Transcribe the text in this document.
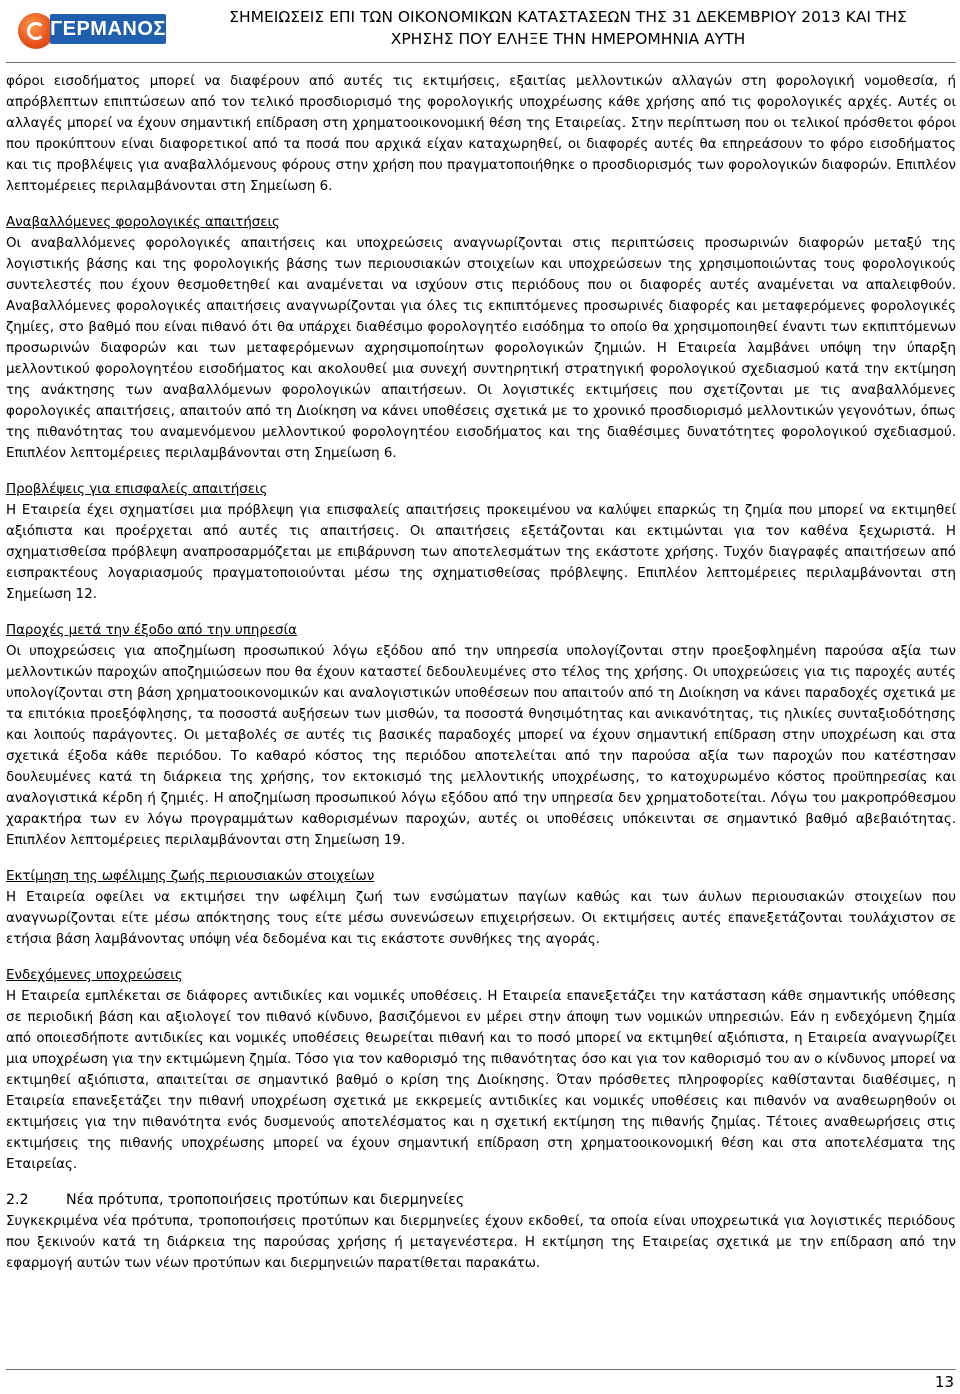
ΓΕΡΜΑΝΟΣ
ΣΗΜΕΙΩΣΕΙΣ ΕΠΙ ΤΩΝ ΟΙΚΟΝΟΜΙΚΩΝ ΚΑΤΑΣΤΑΣΕΩΝ ΤΗΣ 31 ΔΕΚΕΜΒΡΙΟΥ 2013 ΚΑΙ ΤΗΣ
ΧΡΗΣΗΣ ΠΟΥ ΕΛΗΞΕ ΤΗΝ ΗΜΕΡΟΜΗΝΙΑ ΑΥΤΗ

φόροι εισοδήματος μπορεί να διαφέρουν από αυτές τις εκτιμήσεις, εξαιτίας μελλοντικών αλλαγών στη φορολογική νομοθεσία, ή απρόβλεπτων επιπτώσεων από τον τελικό προσδιορισμό της φορολογικής υποχρέωσης κάθε χρήσης από τις φορολογικές αρχές. Αυτές οι αλλαγές μπορεί να έχουν σημαντική επίδραση στη χρηματοοικονομική θέση της Εταιρείας. Στην περίπτωση που οι τελικοί πρόσθετοι φόροι που προκύπτουν είναι διαφορετικοί από τα ποσά που αρχικά είχαν καταχωρηθεί, οι διαφορές αυτές θα επηρεάσουν το φόρο εισοδήματος και τις προβλέψεις για αναβαλλόμενους φόρους στην χρήση που πραγματοποιήθηκε ο προσδιορισμός των φορολογικών διαφορών. Επιπλέον λεπτομέρειες περιλαμβάνονται στη Σημείωση 6.

Αναβαλλόμενες φορολογικές απαιτήσεις
Οι αναβαλλόμενες φορολογικές απαιτήσεις και υποχρεώσεις αναγνωρίζονται στις περιπτώσεις προσωρινών διαφορών μεταξύ της λογιστικής βάσης και της φορολογικής βάσης των περιουσιακών στοιχείων και υποχρεώσεων της χρησιμοποιώντας τους φορολογικούς συντελεστές που έχουν θεσμοθετηθεί και αναμένεται να ισχύουν στις περιόδους που οι διαφορές αυτές αναμένεται να απαλειφθούν. Αναβαλλόμενες φορολογικές απαιτήσεις αναγνωρίζονται για όλες τις εκπιπτόμενες προσωρινές διαφορές και μεταφερόμενες φορολογικές ζημίες, στο βαθμό που είναι πιθανό ότι θα υπάρχει διαθέσιμο φορολογητέο εισόδημα το οποίο θα χρησιμοποιηθεί έναντι των εκπιπτόμενων προσωρινών διαφορών και των μεταφερόμενων αχρησιμοποίητων φορολογικών ζημιών. Η Εταιρεία λαμβάνει υπόψη την ύπαρξη μελλοντικού φορολογητέου εισοδήματος και ακολουθεί μια συνεχή συντηρητική στρατηγική φορολογικού σχεδιασμού κατά την εκτίμηση της ανάκτησης των αναβαλλόμενων φορολογικών απαιτήσεων. Οι λογιστικές εκτιμήσεις που σχετίζονται με τις αναβαλλόμενες φορολογικές απαιτήσεις, απαιτούν από τη Διοίκηση να κάνει υποθέσεις σχετικά με το χρονικό προσδιορισμό μελλοντικών γεγονότων, όπως της πιθανότητας του αναμενόμενου μελλοντικού φορολογητέου εισοδήματος και της διαθέσιμες δυνατότητες φορολογικού σχεδιασμού. Επιπλέον λεπτομέρειες περιλαμβάνονται στη Σημείωση 6.

Προβλέψεις για επισφαλείς απαιτήσεις
Η Εταιρεία έχει σχηματίσει μια πρόβλεψη για επισφαλείς απαιτήσεις προκειμένου να καλύψει επαρκώς τη ζημία που μπορεί να εκτιμηθεί αξιόπιστα και προέρχεται από αυτές τις απαιτήσεις. Οι απαιτήσεις εξετάζονται και εκτιμώνται για τον καθένα ξεχωριστά. Η σχηματισθείσα πρόβλεψη αναπροσαρμόζεται με επιβάρυνση των αποτελεσμάτων της εκάστοτε χρήσης. Τυχόν διαγραφές απαιτήσεων από εισπρακτέους λογαριασμούς πραγματοποιούνται μέσω της σχηματισθείσας πρόβλεψης. Επιπλέον λεπτομέρειες περιλαμβάνονται στη Σημείωση 12.

Παροχές μετά την έξοδο από την υπηρεσία
Οι υποχρεώσεις για αποζημίωση προσωπικού λόγω εξόδου από την υπηρεσία υπολογίζονται στην προεξοφλημένη παρούσα αξία των μελλοντικών παροχών αποζημιώσεων που θα έχουν καταστεί δεδουλευμένες στο τέλος της χρήσης. Οι υποχρεώσεις για τις παροχές αυτές υπολογίζονται στη βάση χρηματοοικονομικών και αναλογιστικών υποθέσεων που απαιτούν από τη Διοίκηση να κάνει παραδοχές σχετικά με τα επιτόκια προεξόφλησης, τα ποσοστά αυξήσεων των μισθών, τα ποσοστά θνησιμότητας και ανικανότητας, τις ηλικίες συνταξιοδότησης και λοιπούς παράγοντες. Οι μεταβολές σε αυτές τις βασικές παραδοχές μπορεί να έχουν σημαντική επίδραση στην υποχρέωση και στα σχετικά έξοδα κάθε περιόδου. Το καθαρό κόστος της περιόδου αποτελείται από την παρούσα αξία των παροχών που κατέστησαν δουλευμένες κατά τη διάρκεια της χρήσης, τον εκτοκισμό της μελλοντικής υποχρέωσης, το κατοχυρωμένο κόστος προϋπηρεσίας και αναλογιστικά κέρδη ή ζημιές. Η αποζημίωση προσωπικού λόγω εξόδου από την υπηρεσία δεν χρηματοδοτείται. Λόγω του μακροπρόθεσμου χαρακτήρα των εν λόγω προγραμμάτων καθορισμένων παροχών, αυτές οι υποθέσεις υπόκεινται σε σημαντικό βαθμό αβεβαιότητας. Επιπλέον λεπτομέρειες περιλαμβάνονται στη Σημείωση 19.

Εκτίμηση της ωφέλιμης ζωής περιουσιακών στοιχείων
Η Εταιρεία οφείλει να εκτιμήσει την ωφέλιμη ζωή των ενσώματων παγίων καθώς και των άυλων περιουσιακών στοιχείων που αναγνωρίζονται είτε μέσω απόκτησης τους είτε μέσω συνενώσεων επιχειρήσεων. Οι εκτιμήσεις αυτές επανεξετάζονται τουλάχιστον σε ετήσια βάση λαμβάνοντας υπόψη νέα δεδομένα και τις εκάστοτε συνθήκες της αγοράς.

Ενδεχόμενες υποχρεώσεις
Η Εταιρεία εμπλέκεται σε διάφορες αντιδικίες και νομικές υποθέσεις. Η Εταιρεία επανεξετάζει την κατάσταση κάθε σημαντικής υπόθεσης σε περιοδική βάση και αξιολογεί τον πιθανό κίνδυνο, βασιζόμενοι εν μέρει στην άποψη των νομικών υπηρεσιών. Εάν η ενδεχόμενη ζημία από οποιεσδήποτε αντιδικίες και νομικές υποθέσεις θεωρείται πιθανή και το ποσό μπορεί να εκτιμηθεί αξιόπιστα, η Εταιρεία αναγνωρίζει μια υποχρέωση για την εκτιμώμενη ζημία. Τόσο για τον καθορισμό της πιθανότητας όσο και για τον καθορισμό του αν ο κίνδυνος μπορεί να εκτιμηθεί αξιόπιστα, απαιτείται σε σημαντικό βαθμό ο κρίση της Διοίκησης. Όταν πρόσθετες πληροφορίες καθίστανται διαθέσιμες, η Εταιρεία επανεξετάζει την πιθανή υποχρέωση σχετικά με εκκρεμείς αντιδικίες και νομικές υποθέσεις και πιθανόν να αναθεωρηθούν οι εκτιμήσεις για την πιθανότητα ενός δυσμενούς αποτελέσματος και η σχετική εκτίμηση της πιθανής ζημίας. Τέτοιες αναθεωρήσεις στις εκτιμήσεις της πιθανής υποχρέωσης μπορεί να έχουν σημαντική επίδραση στη χρηματοοικονομική θέση και στα αποτελέσματα της Εταιρείας.

2.2	Νέα πρότυπα, τροποποιήσεις προτύπων και διερμηνείες

Συγκεκριμένα νέα πρότυπα, τροποποιήσεις προτύπων και διερμηνείες έχουν εκδοθεί, τα οποία είναι υποχρεωτικά για λογιστικές περιόδους που ξεκινούν κατά τη διάρκεια της παρούσας χρήσης ή μεταγενέστερα. Η εκτίμηση της Εταιρείας σχετικά με την επίδραση από την εφαρμογή αυτών των νέων προτύπων και διερμηνειών παρατίθεται παρακάτω.

13
